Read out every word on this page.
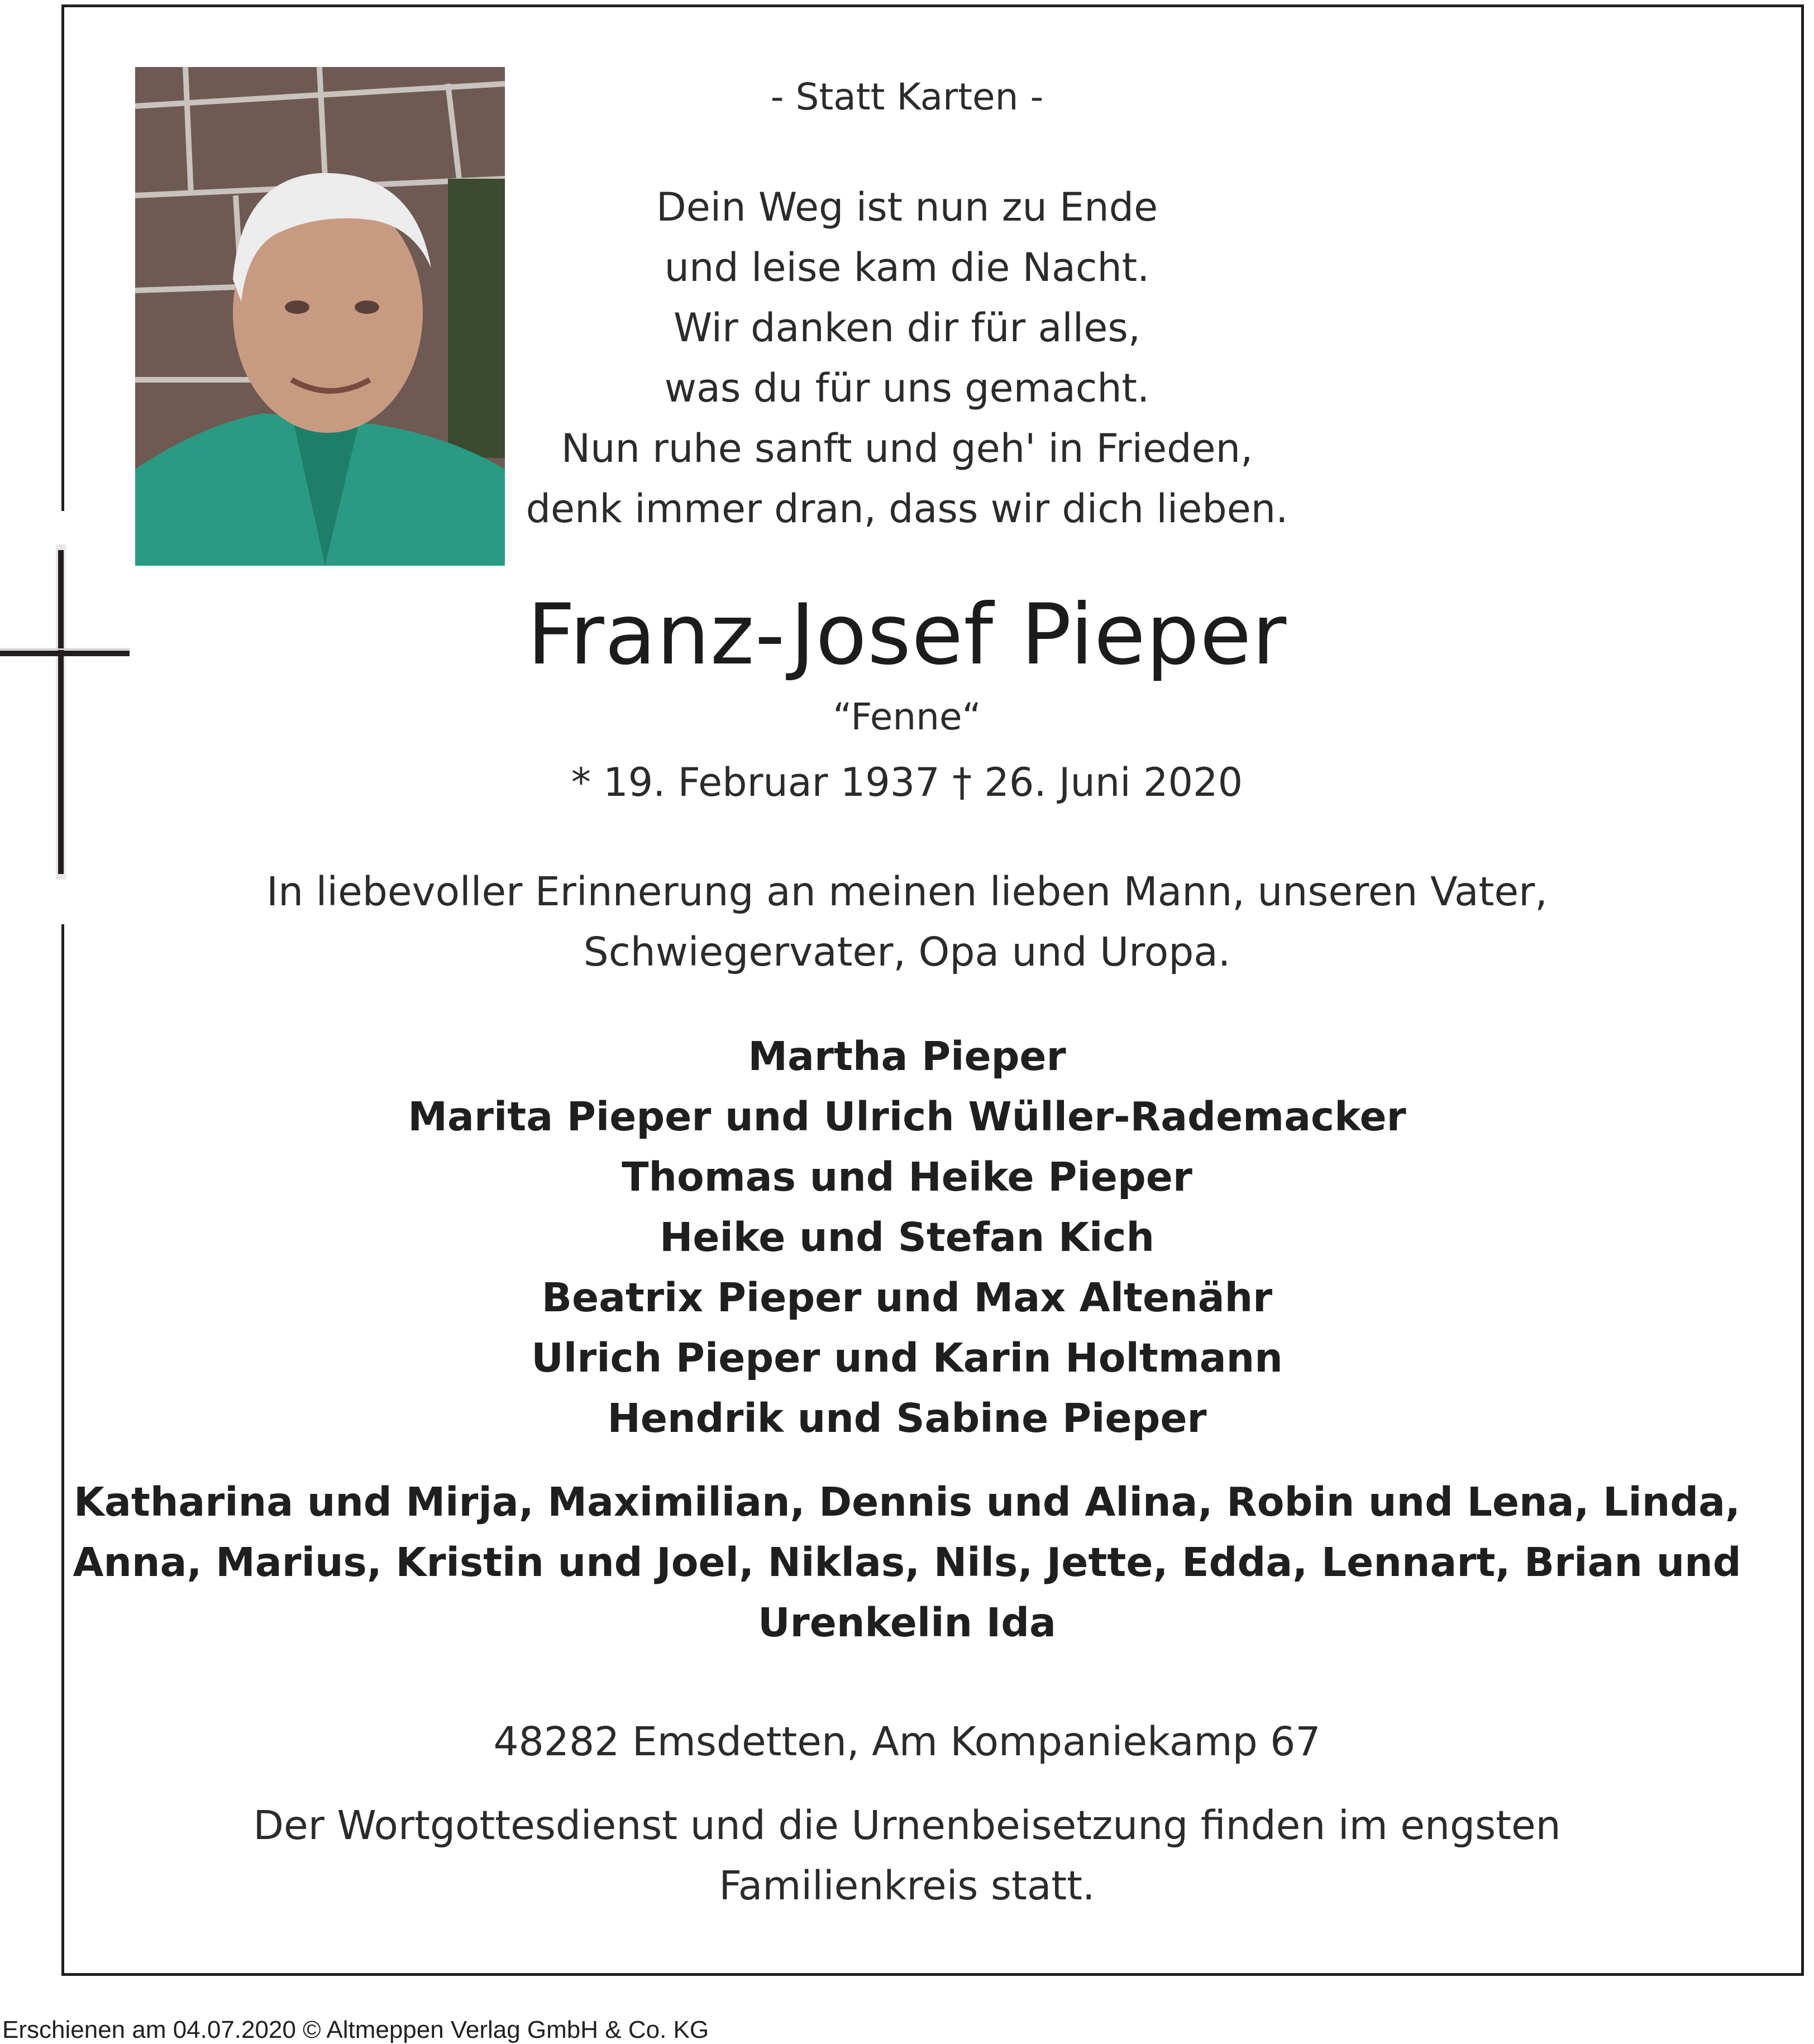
- Statt Karten -
Dein Weg ist nun zu Ende
und leise kam die Nacht.
Wir danken dir für alles,
was du für uns gemacht.
Nun ruhe sanft und geh' in Frieden,
denk immer dran, dass wir dich lieben.
Franz-Josef Pieper
“Fenne“
* 19. Februar 1937 † 26. Juni 2020
In liebevoller Erinnerung an meinen lieben Mann, unseren Vater,
Schwiegervater, Opa und Uropa.
Martha Pieper
Marita Pieper und Ulrich Wüller-Rademacker
Thomas und Heike Pieper
Heike und Stefan Kich
Beatrix Pieper und Max Altenähr
Ulrich Pieper und Karin Holtmann
Hendrik und Sabine Pieper
Katharina und Mirja, Maximilian, Dennis und Alina, Robin und Lena, Linda,
Anna, Marius, Kristin und Joel, Niklas, Nils, Jette, Edda, Lennart, Brian und
Urenkelin Ida
48282 Emsdetten, Am Kompaniekamp 67
Der Wortgottesdienst und die Urnenbeisetzung finden im engsten
Familienkreis statt.
Erschienen am 04.07.2020 © Altmeppen Verlag GmbH & Co. KG
